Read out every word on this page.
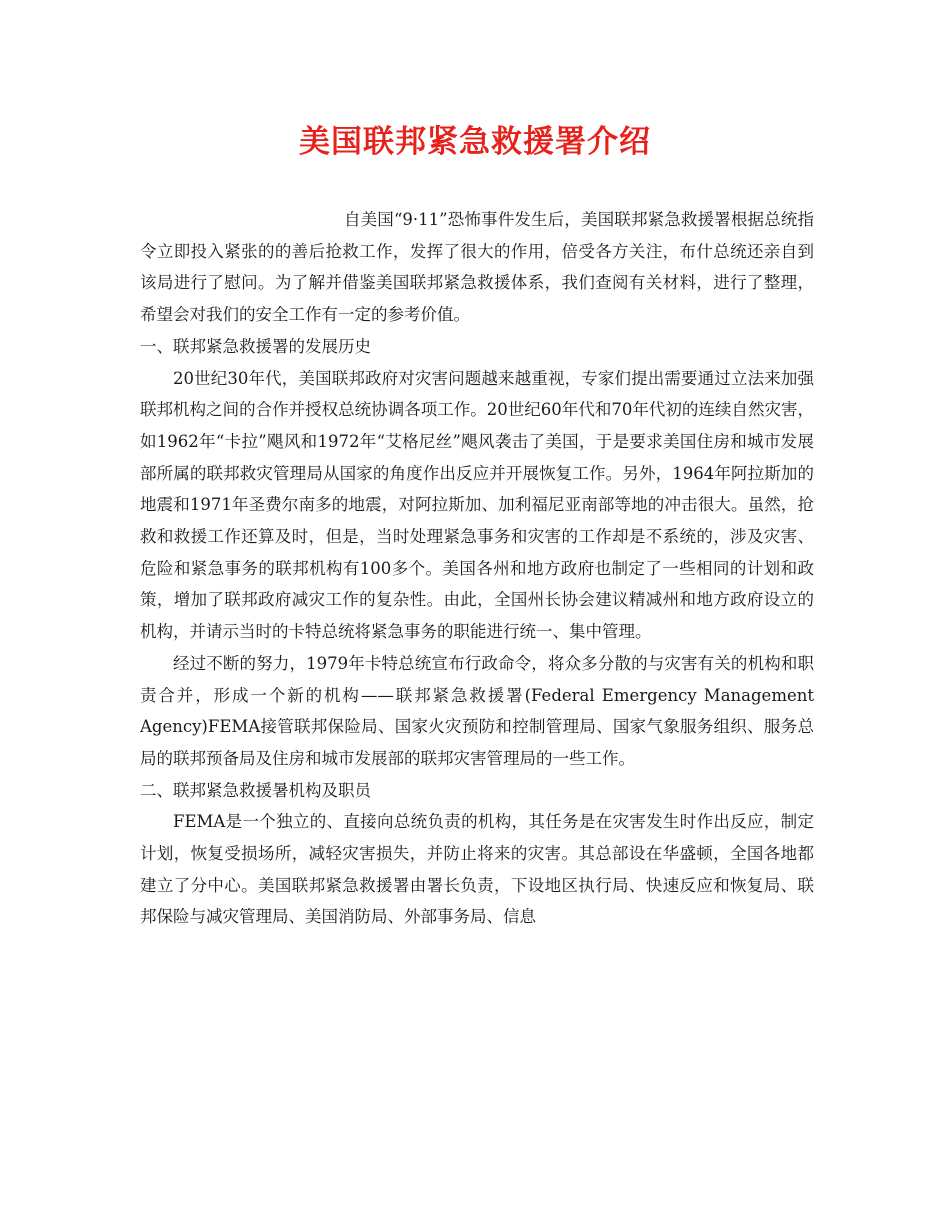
美国联邦紧急救援署介绍

自美国“9·11”恐怖事件发生后，美国联邦紧急救援署根据总统指令立即投入紧张的的善后抢救工作，发挥了很大的作用，倍受各方关注，布什总统还亲自到该局进行了慰问。为了解并借鉴美国联邦紧急救援体系，我们查阅有关材料，进行了整理，希望会对我们的安全工作有一定的参考价值。

一、联邦紧急救援署的发展历史

20世纪30年代，美国联邦政府对灾害问题越来越重视，专家们提出需要通过立法来加强联邦机构之间的合作并授权总统协调各项工作。20世纪60年代和70年代初的连续自然灾害，如1962年“卡拉”飓风和1972年“艾格尼丝”飓风袭击了美国，于是要求美国住房和城市发展部所属的联邦救灾管理局从国家的角度作出反应并开展恢复工作。另外，1964年阿拉斯加的地震和1971年圣费尔南多的地震，对阿拉斯加、加利福尼亚南部等地的冲击很大。虽然，抢救和救援工作还算及时，但是，当时处理紧急事务和灾害的工作却是不系统的，涉及灾害、危险和紧急事务的联邦机构有100多个。美国各州和地方政府也制定了一些相同的计划和政策，增加了联邦政府减灾工作的复杂性。由此，全国州长协会建议精减州和地方政府设立的机构，并请示当时的卡特总统将紧急事务的职能进行统一、集中管理。

经过不断的努力，1979年卡特总统宣布行政命令，将众多分散的与灾害有关的机构和职责合并，形成一个新的机构——联邦紧急救援署(Federal Emergency Management Agency)FEMA接管联邦保险局、国家火灾预防和控制管理局、国家气象服务组织、服务总局的联邦预备局及住房和城市发展部的联邦灾害管理局的一些工作。

二、联邦紧急救援暑机构及职员

FEMA是一个独立的、直接向总统负责的机构，其任务是在灾害发生时作出反应，制定计划，恢复受损场所，减轻灾害损失，并防止将来的灾害。其总部设在华盛顿，全国各地都建立了分中心。美国联邦紧急救援署由署长负责，下设地区执行局、快速反应和恢复局、联邦保险与减灾管理局、美国消防局、外部事务局、信息
